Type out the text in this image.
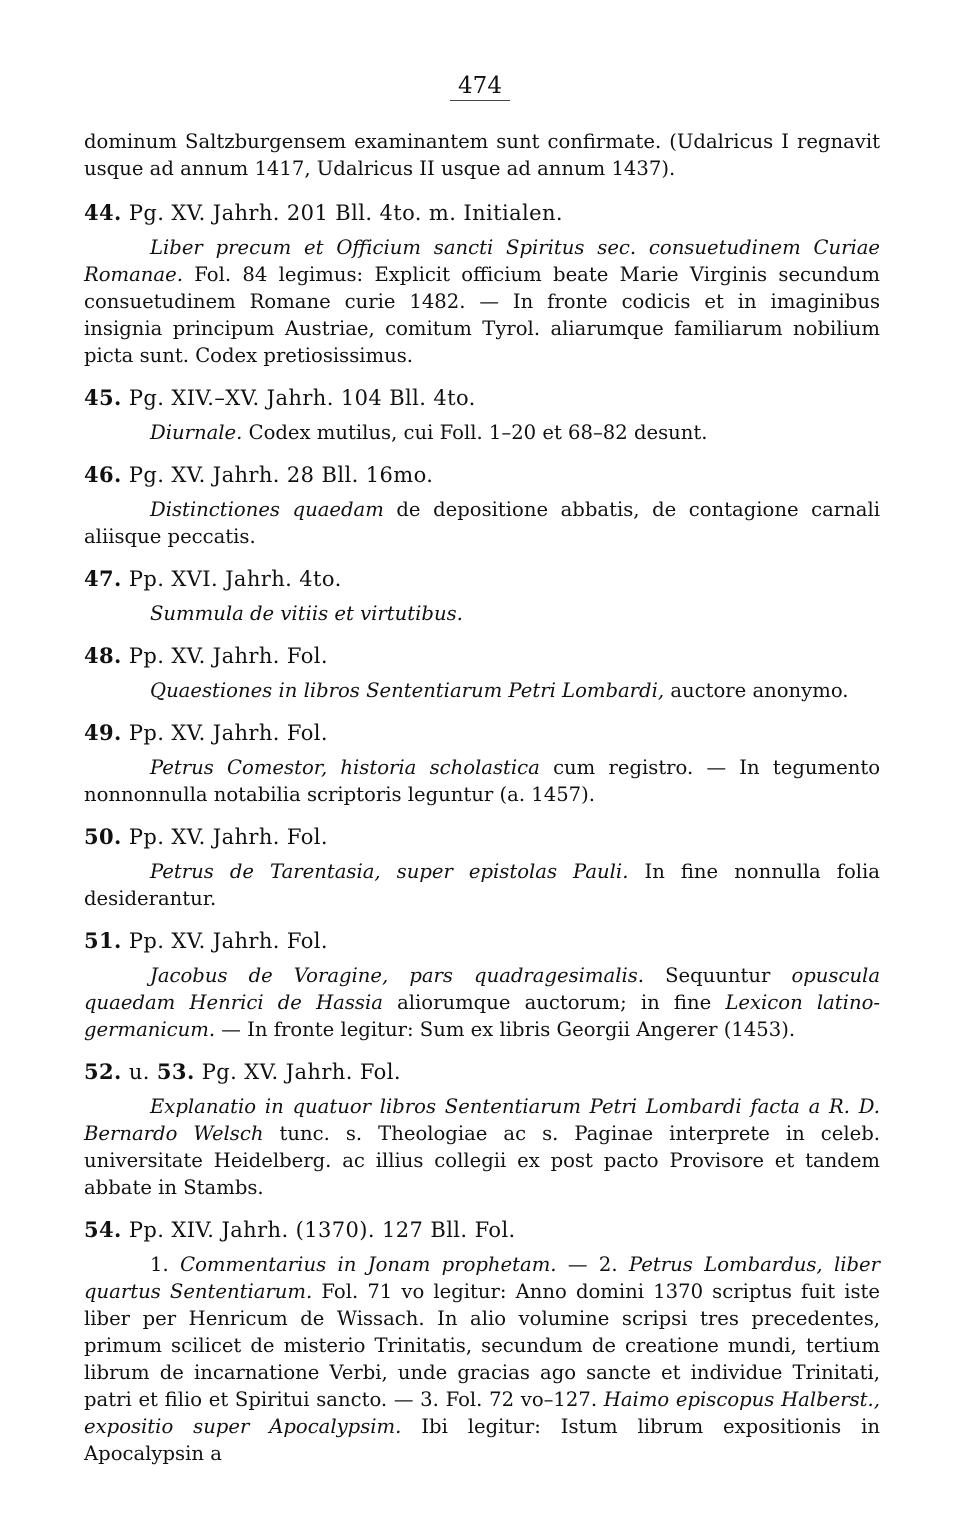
474

dominum Saltzburgensem examinantem sunt confirmate. (Udalricus I regnavit usque ad annum 1417, Udalricus II usque ad annum 1437).

44. Pg. XV. Jahrh. 201 Bll. 4to. m. Initialen.

Liber precum et Officium sancti Spiritus sec. consuetudinem Curiae Romanae. Fol. 84 legimus: Explicit officium beate Marie Virginis secundum consuetudinem Romane curie 1482. — In fronte codicis et in imaginibus insignia principum Austriae, comitum Tyrol. aliarumque familiarum nobilium picta sunt. Codex pretiosissimus.

45. Pg. XIV.–XV. Jahrh. 104 Bll. 4to.

Diurnale. Codex mutilus, cui Foll. 1–20 et 68–82 desunt.

46. Pg. XV. Jahrh. 28 Bll. 16mo.

Distinctiones quaedam de depositione abbatis, de contagione carnali aliisque peccatis.

47. Pp. XVI. Jahrh. 4to.

Summula de vitiis et virtutibus.

48. Pp. XV. Jahrh. Fol.

Quaestiones in libros Sententiarum Petri Lombardi, auctore anonymo.

49. Pp. XV. Jahrh. Fol.

Petrus Comestor, historia scholastica cum registro. — In tegumento nonnonnulla notabilia scriptoris leguntur (a. 1457).

50. Pp. XV. Jahrh. Fol.

Petrus de Tarentasia, super epistolas Pauli. In fine nonnulla folia desiderantur.

51. Pp. XV. Jahrh. Fol.

Jacobus de Voragine, pars quadragesimalis. Sequuntur opuscula quaedam Henrici de Hassia aliorumque auctorum; in fine Lexicon latino-germanicum. — In fronte legitur: Sum ex libris Georgii Angerer (1453).

52. u. 53. Pg. XV. Jahrh. Fol.

Explanatio in quatuor libros Sententiarum Petri Lombardi facta a R. D. Bernardo Welsch tunc. s. Theologiae ac s. Paginae interprete in celeb. universitate Heidelberg. ac illius collegii ex post pacto Provisore et tandem abbate in Stambs.

54. Pp. XIV. Jahrh. (1370). 127 Bll. Fol.

1. Commentarius in Jonam prophetam. — 2. Petrus Lombardus, liber quartus Sententiarum. Fol. 71 vo legitur: Anno domini 1370 scriptus fuit iste liber per Henricum de Wissach. In alio volumine scripsi tres precedentes, primum scilicet de misterio Trinitatis, secundum de creatione mundi, tertium librum de incarnatione Verbi, unde gracias ago sancte et individue Trinitati, patri et filio et Spiritui sancto. — 3. Fol. 72 vo–127. Haimo episcopus Halberst., expositio super Apocalypsim. Ibi legitur: Istum librum expositionis in Apocalypsin a
